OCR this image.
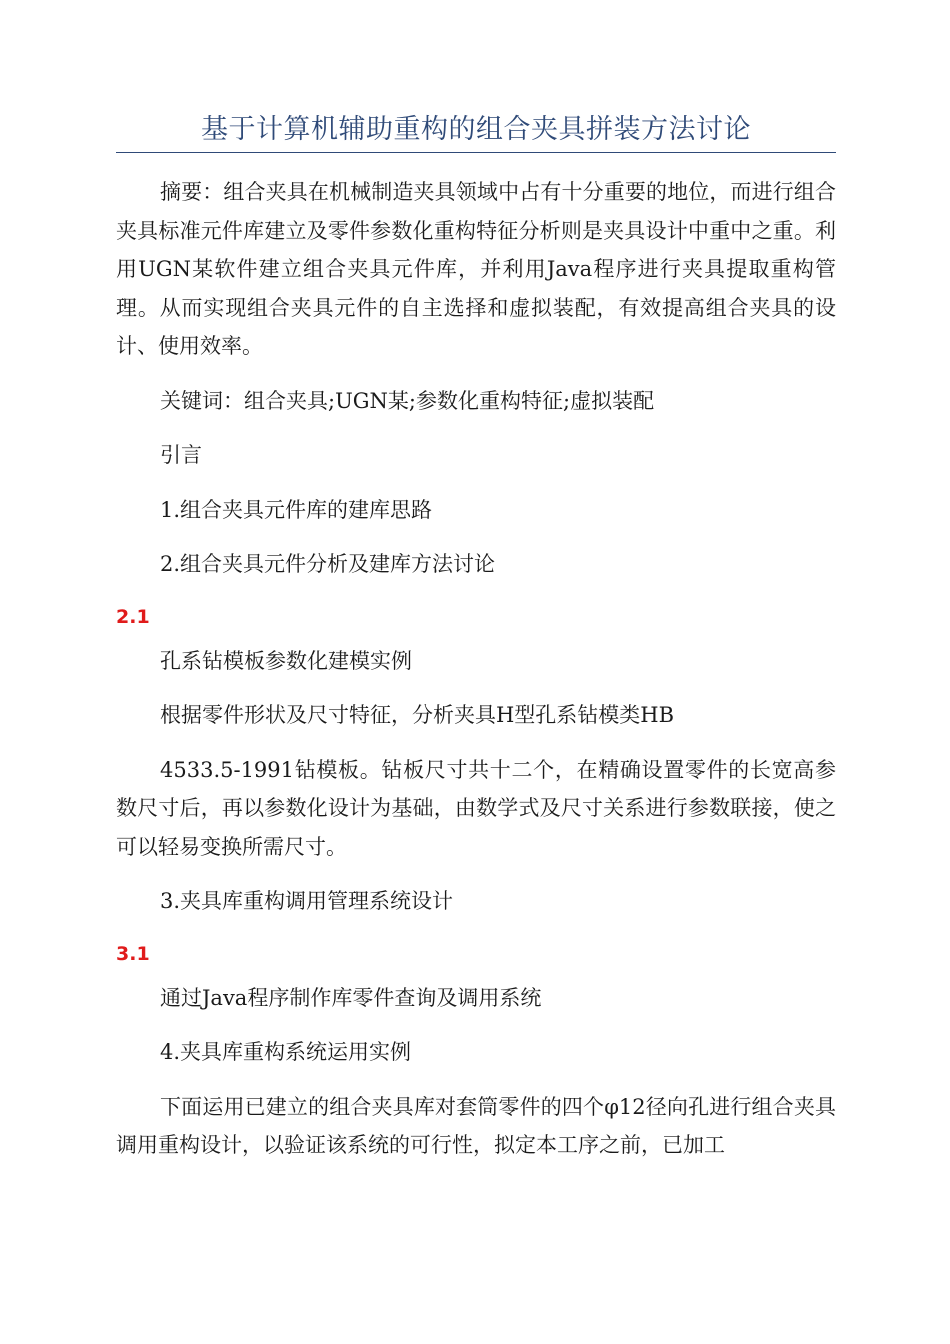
基于计算机辅助重构的组合夹具拼装方法讨论

摘要：组合夹具在机械制造夹具领域中占有十分重要的地位，而进行组合夹具标准元件库建立及零件参数化重构特征分析则是夹具设计中重中之重。利用UGN某软件建立组合夹具元件库，并利用Java程序进行夹具提取重构管理。从而实现组合夹具元件的自主选择和虚拟装配，有效提高组合夹具的设计、使用效率。

关键词：组合夹具;UGN某;参数化重构特征;虚拟装配

引言

1.组合夹具元件库的建库思路

2.组合夹具元件分析及建库方法讨论

2.1

孔系钻模板参数化建模实例

根据零件形状及尺寸特征，分析夹具H型孔系钻模类HB

4533.5-1991钻模板。钻板尺寸共十二个，在精确设置零件的长宽高参数尺寸后，再以参数化设计为基础，由数学式及尺寸关系进行参数联接，使之可以轻易变换所需尺寸。

3.夹具库重构调用管理系统设计

3.1

通过Java程序制作库零件查询及调用系统

4.夹具库重构系统运用实例

下面运用已建立的组合夹具库对套筒零件的四个φ12径向孔进行组合夹具调用重构设计，以验证该系统的可行性，拟定本工序之前，已加工
